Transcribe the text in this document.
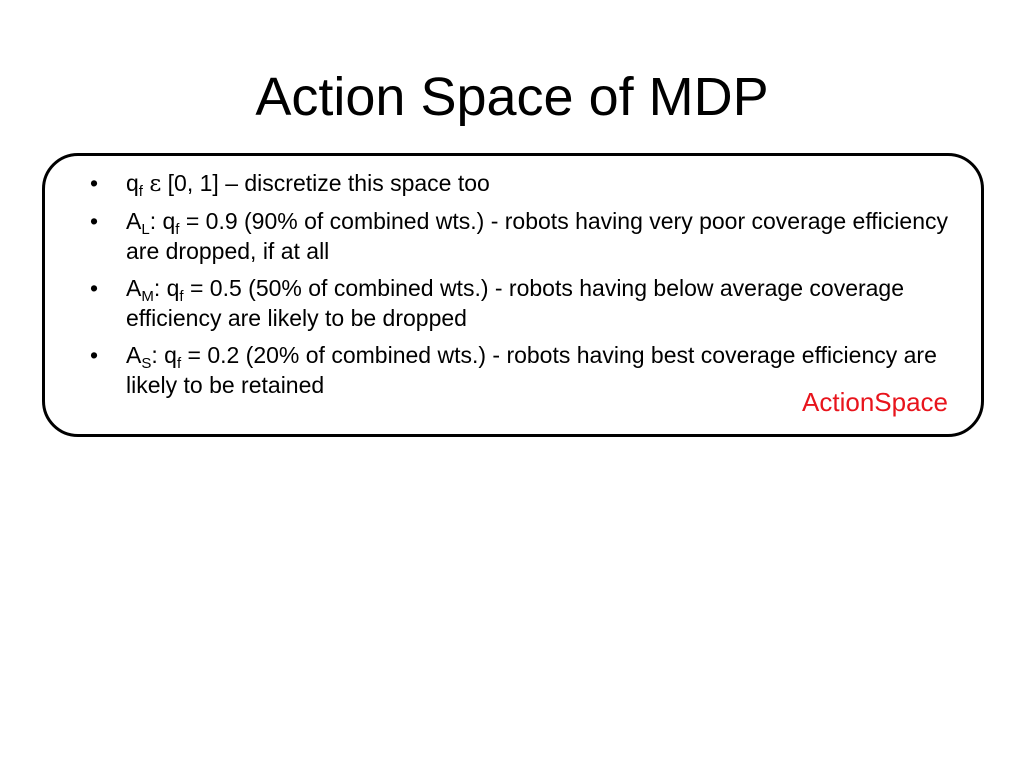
Action Space of MDP
• $q_f$ ε [0, 1] – discretize this space too
• $A_L$: $q_f = 0.9$ (90% of combined wts.) - robots having very poor coverage efficiency are dropped, if at all
• $A_M$: $q_f = 0.5$ (50% of combined wts.) - robots having below average coverage efficiency are likely to be dropped
• $A_S$: $q_f = 0.2$ (20% of combined wts.) - robots having best coverage efficiency are likely to be retained
ActionSpace
